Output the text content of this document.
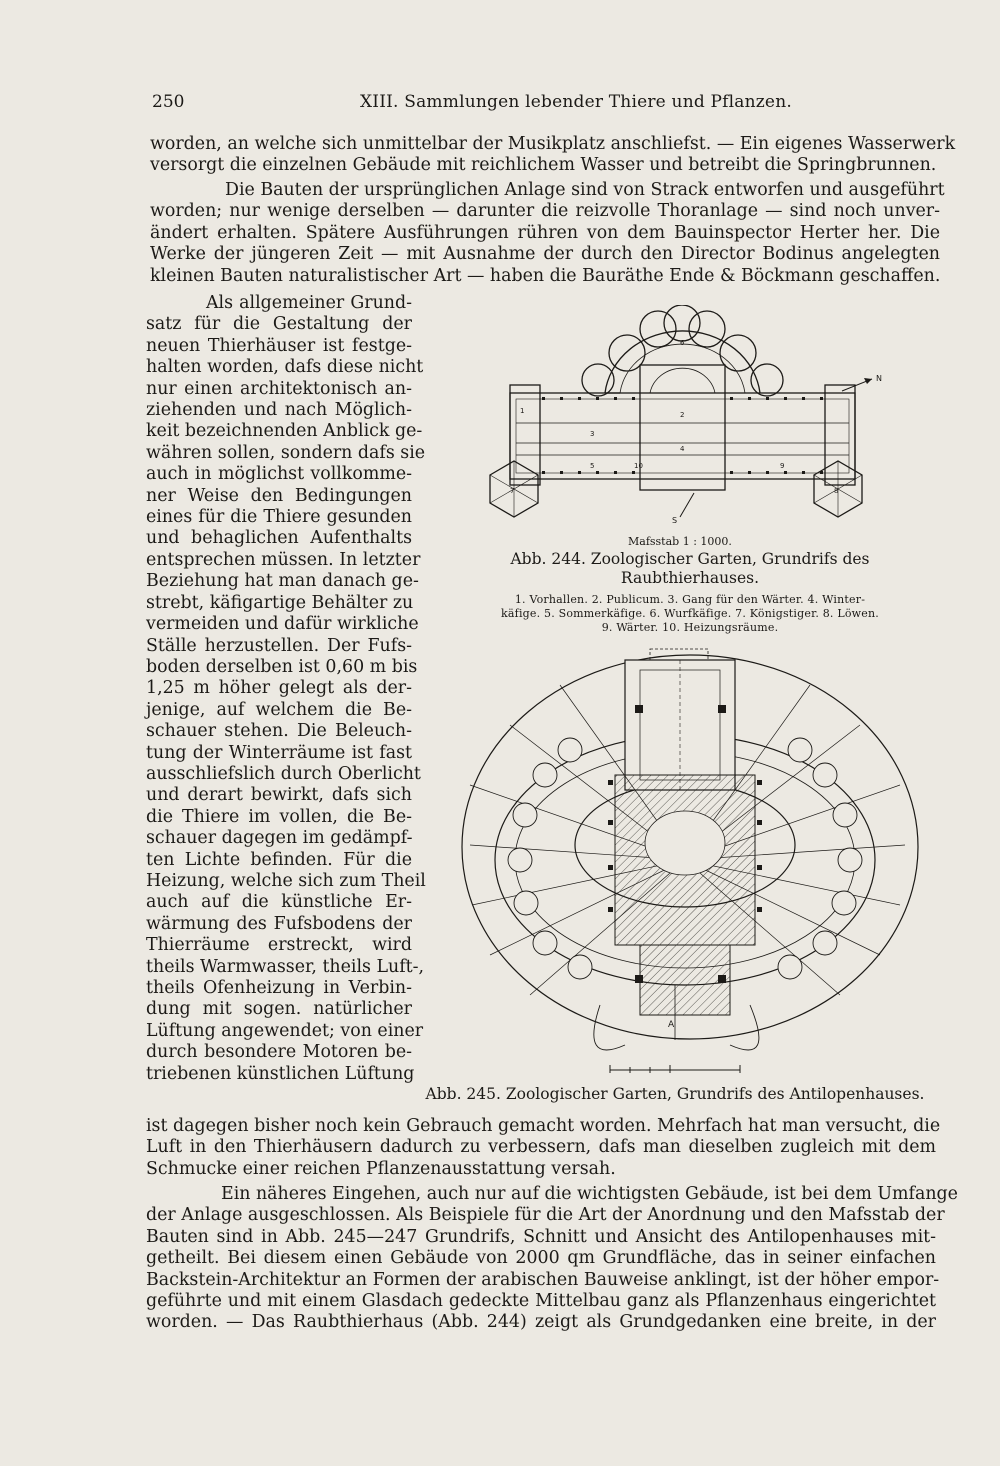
250	XIII. Sammlungen lebender Thiere und Pflanzen.
worden, an welche sich unmittelbar der Musikplatz anschliefst. — Ein eigenes Wasserwerk
versorgt die einzelnen Gebäude mit reichlichem Wasser und betreibt die Springbrunnen.
Die Bauten der ursprünglichen Anlage sind von Strack entworfen und ausgeführt
worden; nur wenige derselben — darunter die reizvolle Thoranlage — sind noch unver-
ändert erhalten. Spätere Ausführungen rühren von dem Bauinspector Herter her. Die
Werke der jüngeren Zeit — mit Ausnahme der durch den Director Bodinus angelegten
kleinen Bauten naturalistischer Art — haben die Bauräthe Ende & Böckmann geschaffen.
Als allgemeiner Grund-
satz für die Gestaltung der
neuen Thierhäuser ist festge-
halten worden, dafs diese nicht
nur einen architektonisch an-
ziehenden und nach Möglich-
keit bezeichnenden Anblick ge-
währen sollen, sondern dafs sie
auch in möglichst vollkomme-
ner Weise den Bedingungen
eines für die Thiere gesunden
und behaglichen Aufenthalts
entsprechen müssen. In letzter
Beziehung hat man danach ge-
strebt, käfigartige Behälter zu
vermeiden und dafür wirkliche
Ställe herzustellen. Der Fufs-
boden derselben ist 0,60 m bis
1,25 m höher gelegt als der-
jenige, auf welchem die Be-
schauer stehen. Die Beleuch-
tung der Winterräume ist fast
ausschliefslich durch Oberlicht
und derart bewirkt, dafs sich
die Thiere im vollen, die Be-
schauer dagegen im gedämpf-
ten Lichte befinden. Für die
Heizung, welche sich zum Theil
auch auf die künstliche Er-
wärmung des Fufsbodens der
Thierräume erstreckt, wird
theils Warmwasser, theils Luft-,
theils Ofenheizung in Verbin-
dung mit sogen. natürlicher
Lüftung angewendet; von einer
durch besondere Motoren be-
triebenen künstlichen Lüftung
ist dagegen bisher noch kein Gebrauch gemacht worden. Mehrfach hat man versucht, die
Luft in den Thierhäusern dadurch zu verbessern, dafs man dieselben zugleich mit dem
Schmucke einer reichen Pflanzenausstattung versah.
Ein näheres Eingehen, auch nur auf die wichtigsten Gebäude, ist bei dem Umfange
der Anlage ausgeschlossen. Als Beispiele für die Art der Anordnung und den Mafsstab der
Bauten sind in Abb. 245—247 Grundrifs, Schnitt und Ansicht des Antilopenhauses mit-
getheilt. Bei diesem einen Gebäude von 2000 qm Grundfläche, das in seiner einfachen
Backstein-Architektur an Formen der arabischen Bauweise anklingt, ist der höher empor-
geführte und mit einem Glasdach gedeckte Mittelbau ganz als Pflanzenhaus eingerichtet
worden. — Das Raubthierhaus (Abb. 244) zeigt als Grundgedanken eine breite, in der
1	2
3
4
5
6
7	8
9
10
N
S
Mafsstab 1 : 1000.
Abb. 244. Zoologischer Garten, Grundrifs des
Raubthierhauses.
1. Vorhallen. 2. Publicum. 3. Gang für den Wärter. 4. Winter-
käfige. 5. Sommerkäfige. 6. Wurfkäfige. 7. Königstiger. 8. Löwen.
9. Wärter. 10. Heizungsräume.
A
Abb. 245. Zoologischer Garten, Grundrifs des Antilopenhauses.
